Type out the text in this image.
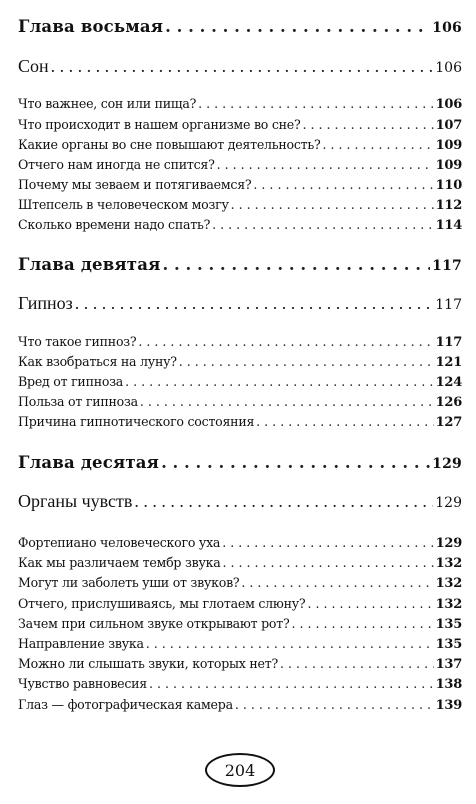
Глава восьмая . . .	106
Сон . . .	106
Что важнее, сон или пища? . . .	106
Что происходит в нашем организме во сне? . . .	107
Какие органы во сне повышают деятельность? . . .	109
Отчего нам иногда не спится? . . .	109
Почему мы зеваем и потягиваемся? . . .	110
Штепсель в человеческом мозгу . . .	112
Сколько времени надо спать? . . .	114
Глава девятая . . .	117
Гипноз . . .	117
Что такое гипноз? . . .	117
Как взобраться на луну? . . .	121
Вред от гипноза . . .	124
Польза от гипноза . . .	126
Причина гипнотического состояния . . .	127
Глава десятая . . .	129
Органы чувств . . .	129
Фортепиано человеческого уха . . .	129
Как мы различаем тембр звука . . .	132
Могут ли заболеть уши от звуков? . . .	132
Отчего, прислушиваясь, мы глотаем слюну? . . .	132
Зачем при сильном звуке открывают рот? . . .	135
Направление звука . . .	135
Можно ли слышать звуки, которых нет? . . .	137
Чувство равновесия . . .	138
Глаз — фотографическая камера . . .	139
204
